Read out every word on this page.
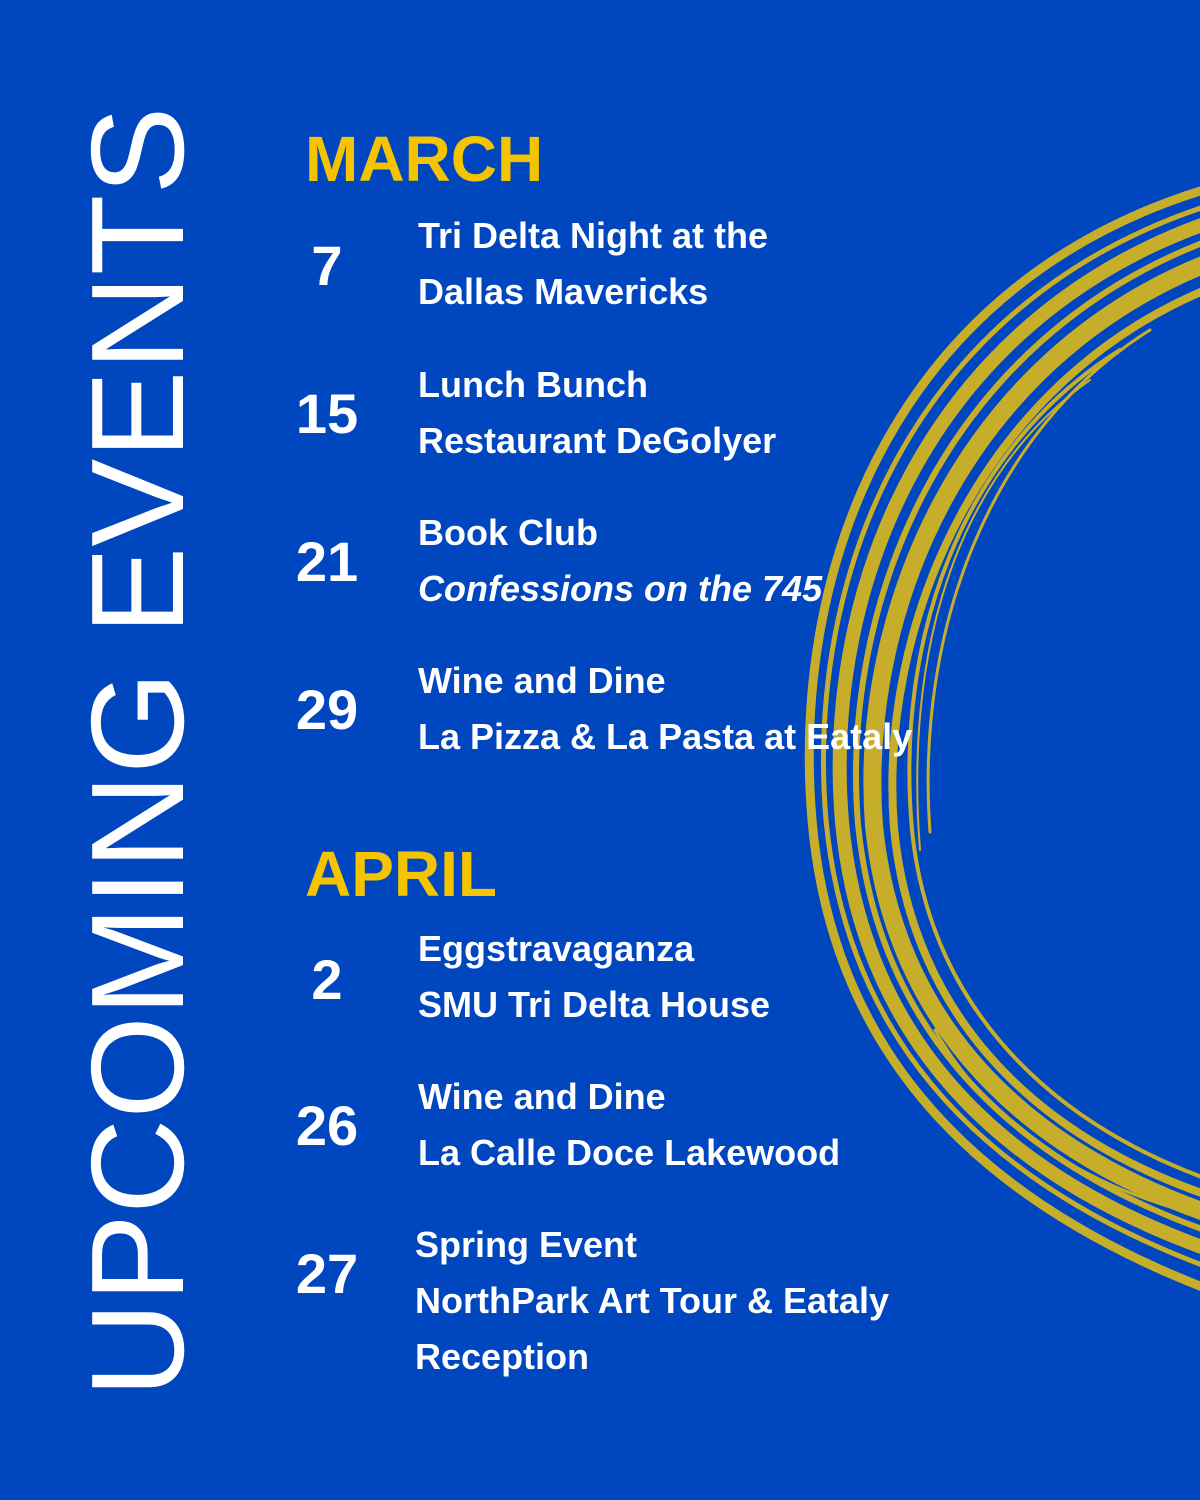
UPCOMING EVENTS MARCH
7	Tri Delta Night at the
Dallas Mavericks
15	Lunch Bunch
Restaurant DeGolyer
21	Book Club
Confessions on the 745
29	Wine and Dine
La Pizza & La Pasta at Eataly
APRIL
2	Eggstravaganza
SMU Tri Delta House
26	Wine and Dine
La Calle Doce Lakewood
27	Spring Event
NorthPark Art Tour & Eataly
Reception
